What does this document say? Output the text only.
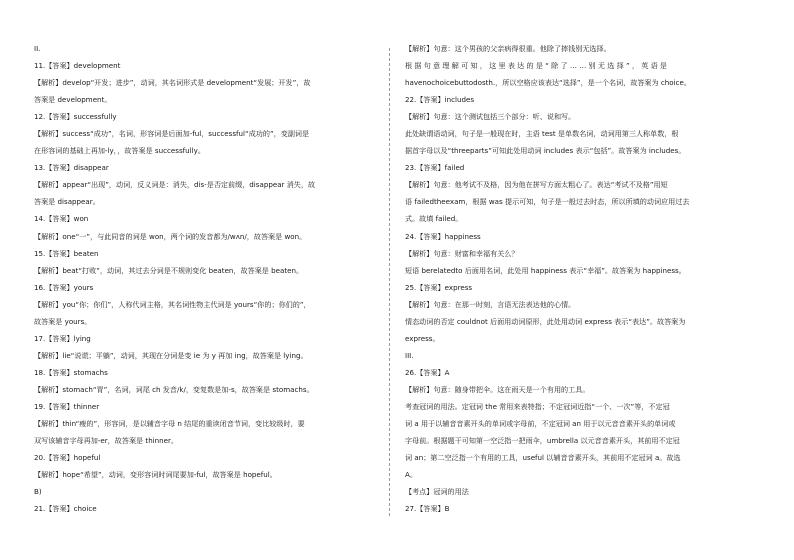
II.
11.【答案】development
【解析】develop“开发；进步”，动词，其名词形式是 development“发展；开发”，故
答案是 development。
12.【答案】successfully
【解析】success“成功”，名词，形容词是后面加-ful，successful“成功的”，变副词是
在形容词的基础上再加-ly，，故答案是 successfully。
13.【答案】disappear
【解析】appear“出现”，动词，反义词是：消失，dis-是否定前缀，disappear 消失，故
答案是 disappear。
14.【答案】won
【解析】one“一”，与此同音的词是 won，两个词的发音都为/wʌn/，故答案是 won。
15.【答案】beaten
【解析】beat“打败”，动词，其过去分词是不规则变化 beaten，故答案是 beaten。
16.【答案】yours
【解析】you“你；你们”，人称代词主格，其名词性物主代词是 yours“你的；你们的”，
故答案是 yours。
17.【答案】lying
【解析】lie“说谎；平躺”，动词，其现在分词是变 ie 为 y 再加 ing，故答案是 lying。
18.【答案】stomachs
【解析】stomach“胃”，名词，词尾 ch 发音/k/，变复数是加-s，故答案是 stomachs。
19.【答案】thinner
【解析】thin“瘦的”，形容词，是以辅音字母 n 结尾的重读闭音节词，变比较级时，要
双写该辅音字母再加-er，故答案是 thinner。
20.【答案】hopeful
【解析】hope“希望”，动词，变形容词时词尾要加-ful，故答案是 hopeful。
B)
21.【答案】choice
【解析】句意：这个男孩的父亲病得很重。他除了摔钱别无选择。
根 据 句 意 理 解 可 知 ， 这 里 表 达 的 是 “ 除 了 … … 别 无 选 择 ” ， 英 语 是
havenochoicebuttodosth.，所以空格应该表达“选择”，是一个名词，故答案为 choice。
22.【答案】includes
【解析】句意：这个测试包括三个部分：听、说和写。
此处缺谓语动词，句子是一般现在时，主语 test 是单数名词，动词用第三人称单数，根
据首字母以及“threeparts”可知此处用动词 includes 表示“包括”。故答案为 includes。
23.【答案】failed
【解析】句意：他考试不及格，因为他在拼写方面太粗心了。表达“考试不及格”用短
语 failedtheexam，根据 was 提示可知，句子是一般过去时态，所以所填的动词应用过去
式。故填 failed。
24.【答案】happiness
【解析】句意：财富和幸福有关么？
短语 berelatedto 后面用名词，此处用 happiness 表示“幸福”。故答案为 happiness。
25.【答案】express
【解析】句意：在那一时刻，言语无法表达他的心情。
情态动词的否定 couldnot 后面用动词原形，此处用动词 express 表示“表达”。故答案为
express。
III.
26.【答案】A
【解析】句意：随身带把伞。这在雨天是一个有用的工具。
考查冠词的用法。定冠词 the 常用来表特指；不定冠词近指“一个、一次”等，不定冠
词 a 用于以辅音音素开头的单词或字母前，不定冠词 an 用于以元音音素开头的单词或
字母前。根据题干可知第一空泛指一把雨伞，umbrella 以元音音素开头，其前用不定冠
词 an；第二空泛指一个有用的工具，useful 以辅音音素开头，其前用不定冠词 a。故选
A。
【考点】冠词的用法
27.【答案】B
